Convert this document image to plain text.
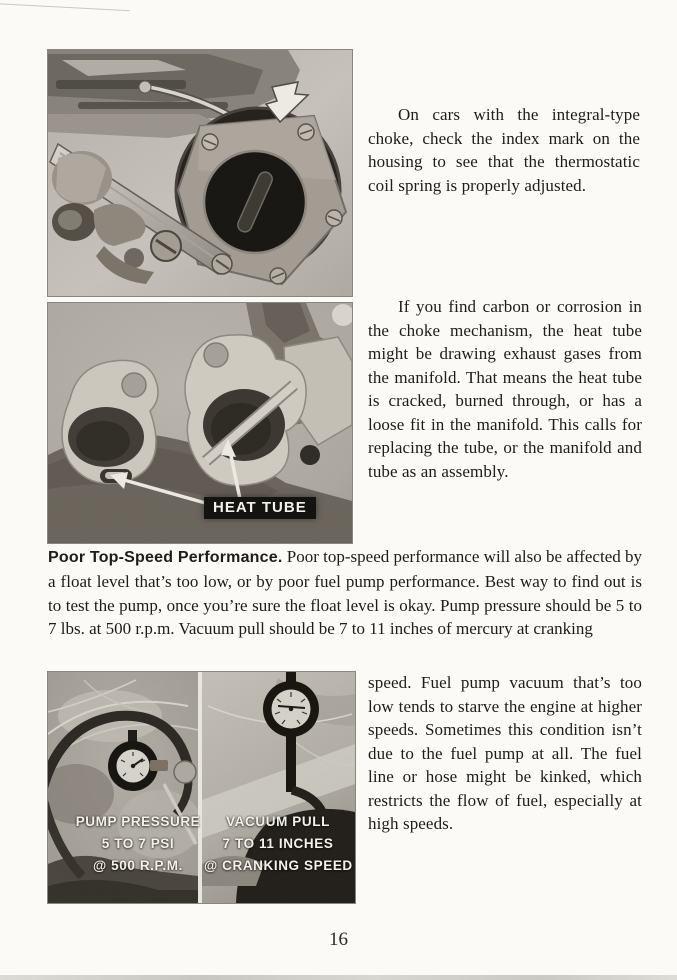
On cars with the integral-type choke, check the index mark on the housing to see that the thermostatic coil spring is properly adjusted.

HEAT TUBE

If you find carbon or corrosion in the choke mechanism, the heat tube might be drawing exhaust gases from the manifold. That means the heat tube is cracked, burned through, or has a loose fit in the manifold. This calls for replacing the tube, or the manifold and tube as an assembly.

Poor Top-Speed Performance. Poor top-speed performance will also be affected by a float level that’s too low, or by poor fuel pump performance. Best way to find out is to test the pump, once you’re sure the float level is okay. Pump pressure should be 5 to 7 lbs. at 500 r.p.m. Vacuum pull should be 7 to 11 inches of mercury at cranking

PUMP PRESSURE
5 TO 7 PSI
@ 500 R.P.M.
VACUUM PULL
7 TO 11 INCHES
@ CRANKING SPEED

speed. Fuel pump vacuum that’s too low tends to starve the engine at higher speeds. Sometimes this condition isn’t due to the fuel pump at all. The fuel line or hose might be kinked, which restricts the flow of fuel, especially at high speeds.

16
